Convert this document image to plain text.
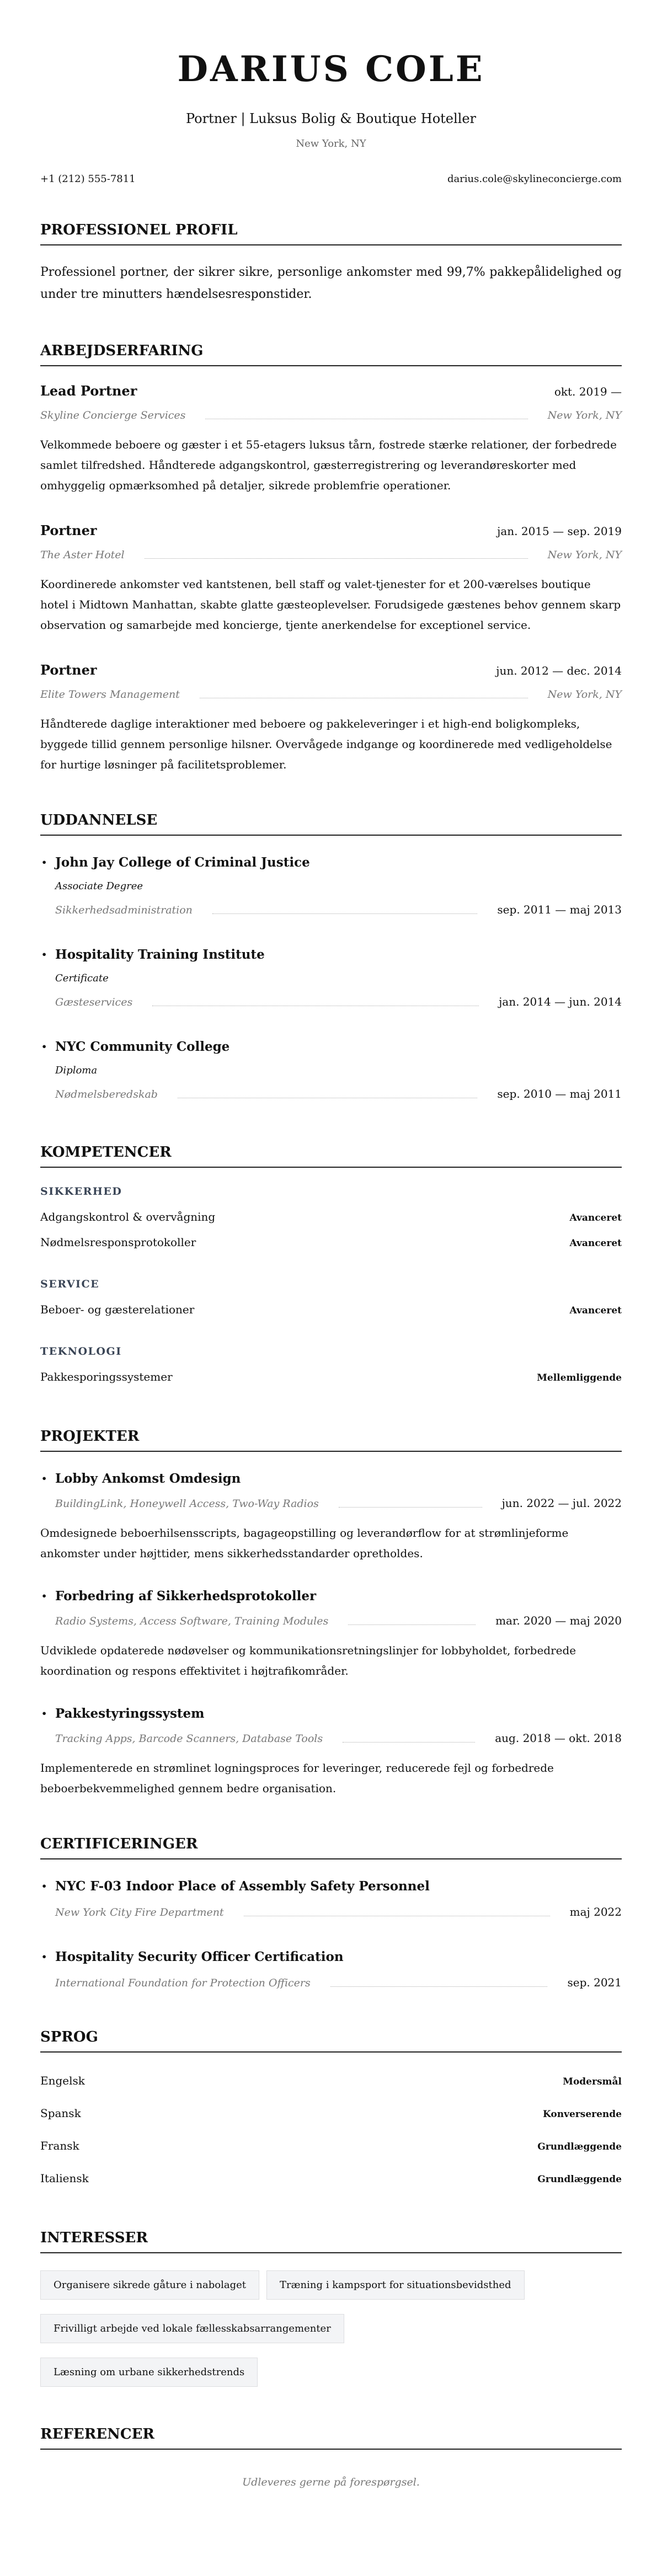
DARIUS COLE
Portner | Luksus Bolig & Boutique Hoteller
New York, NY
+1 (212) 555-7811	darius.cole@skylineconcierge.com
PROFESSIONEL PROFIL

Professionel portner, der sikrer sikre, personlige ankomster med 99,7% pakkepålidelighed og under tre minutters hændelsesresponstider.

ARBEJDSERFARING
Lead Portner	okt. 2019 —
Skyline Concierge Services	New York, NY

Velkommede beboere og gæster i et 55-etagers luksus tårn, fostrede stærke relationer, der forbedrede samlet tilfredshed. Håndterede adgangskontrol, gæsterregistrering og leverandøreskorter med omhyggelig opmærksomhed på detaljer, sikrede problemfrie operationer.

Portner	jan. 2015 — sep. 2019
The Aster Hotel	New York, NY

Koordinerede ankomster ved kantstenen, bell staff og valet-tjenester for et 200-værelses boutique hotel i Midtown Manhattan, skabte glatte gæsteoplevelser. Forudsigede gæstenes behov gennem skarp observation og samarbejde med koncierge, tjente anerkendelse for exceptionel service.

Portner	jun. 2012 — dec. 2014
Elite Towers Management	New York, NY

Håndterede daglige interaktioner med beboere og pakkeleveringer i et high-end boligkompleks, byggede tillid gennem personlige hilsner. Overvågede indgange og koordinerede med vedligeholdelse for hurtige løsninger på facilitetsproblemer.

UDDANNELSE
• John Jay College of Criminal Justice
Associate Degree
Sikkerhedsadministration	sep. 2011 — maj 2013
• Hospitality Training Institute
Certificate
Gæsteservices	jan. 2014 — jun. 2014
• NYC Community College
Diploma
Nødmelsberedskab	sep. 2010 — maj 2011
KOMPETENCER
SIKKERHED
Adgangskontrol & overvågning	Avanceret
Nødmelsresponsprotokoller	Avanceret
SERVICE
Beboer- og gæsterelationer	Avanceret
TEKNOLOGI
Pakkesporingssystemer	Mellemliggende
PROJEKTER
• Lobby Ankomst Omdesign
BuildingLink, Honeywell Access, Two-Way Radios	jun. 2022 — jul. 2022

Omdesignede beboerhilsensscripts, bagageopstilling og leverandørflow for at strømlinjeforme ankomster under højttider, mens sikkerhedsstandarder opretholdes.

• Forbedring af Sikkerhedsprotokoller
Radio Systems, Access Software, Training Modules	mar. 2020 — maj 2020

Udviklede opdaterede nødøvelser og kommunikationsretningslinjer for lobbyholdet, forbedrede koordination og respons effektivitet i højtrafikområder.

• Pakkestyringssystem
Tracking Apps, Barcode Scanners, Database Tools	aug. 2018 — okt. 2018

Implementerede en strømlinet logningsproces for leveringer, reducerede fejl og forbedrede beboerbekvemmelighed gennem bedre organisation.

CERTIFICERINGER
• NYC F-03 Indoor Place of Assembly Safety Personnel
New York City Fire Department	maj 2022
• Hospitality Security Officer Certification
International Foundation for Protection Officers	sep. 2021
SPROG
Engelsk	Modersmål
Spansk	Konverserende
Fransk	Grundlæggende
Italiensk	Grundlæggende
INTERESSER
Organisere sikrede gåture i nabolaget	Træning i kampsport for situationsbevidsthed
Frivilligt arbejde ved lokale fællesskabsarrangementer
Læsning om urbane sikkerhedstrends
REFERENCER

Udleveres gerne på forespørgsel.
